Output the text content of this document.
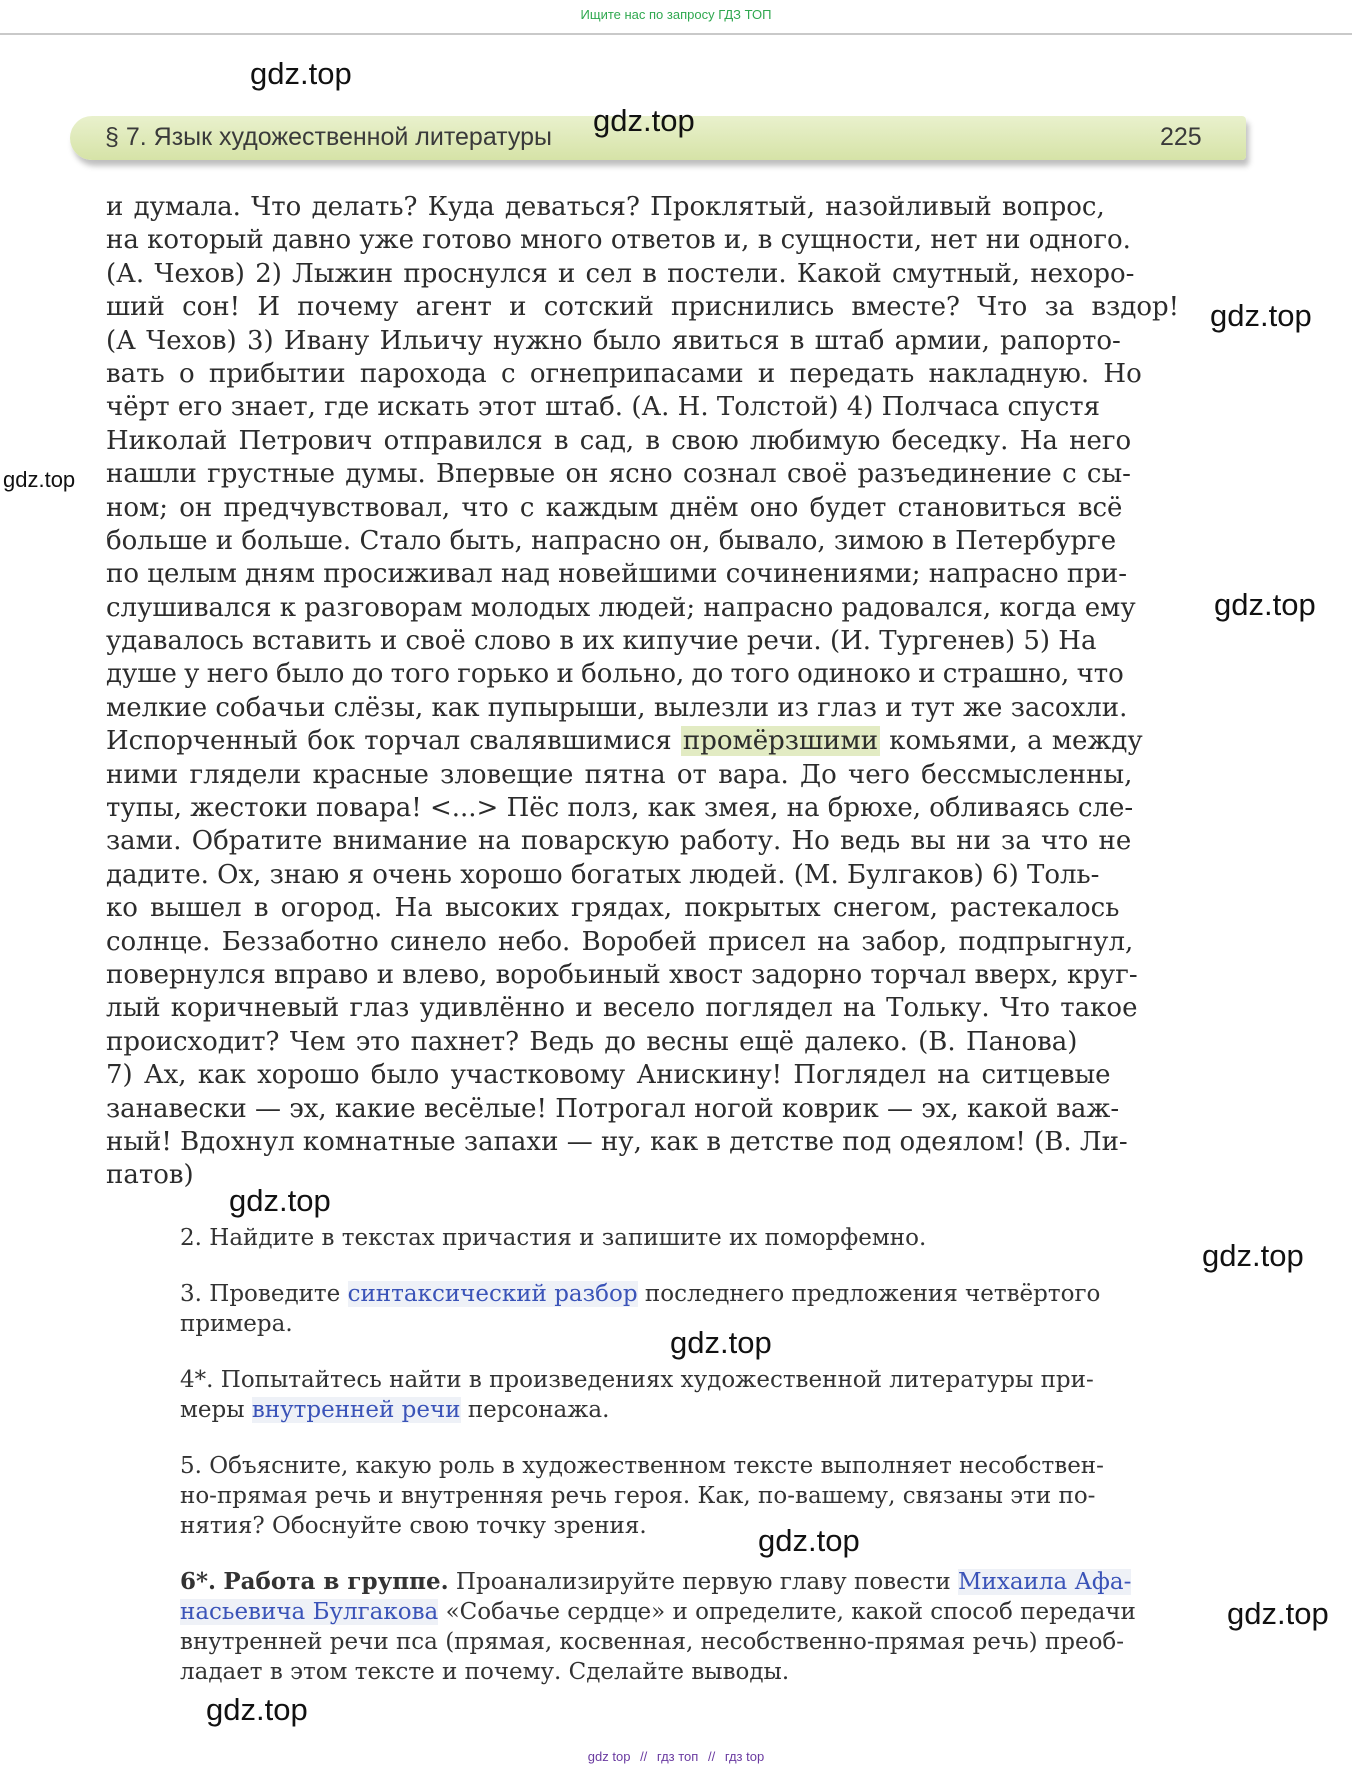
Ищите нас по запросу ГДЗ ТОП
§ 7. Язык художественной литературы	225
и думала. Что делать? Куда деваться? Проклятый, назойливый вопрос,
на который давно уже готово много ответов и, в сущности, нет ни одного.
(А. Чехов) 2) Лыжин проснулся и сел в постели. Какой смутный, нехоро-
ший сон! И почему агент и сотский приснились вместе? Что за вздор!
(А Чехов) 3) Ивану Ильичу нужно было явиться в штаб армии, рапорто-
вать о прибытии парохода с огнеприпасами и передать накладную. Но
чёрт его знает, где искать этот штаб. (А. Н. Толстой) 4) Полчаса спустя
Николай Петрович отправился в сад, в свою любимую беседку. На него
нашли грустные думы. Впервые он ясно сознал своё разъединение с сы-
ном; он предчувствовал, что с каждым днём оно будет становиться всё
больше и больше. Стало быть, напрасно он, бывало, зимою в Петербурге
по целым дням просиживал над новейшими сочинениями; напрасно при-
слушивался к разговорам молодых людей; напрасно радовался, когда ему
удавалось вставить и своё слово в их кипучие речи. (И. Тургенев) 5) На
душе у него было до того горько и больно, до того одиноко и страшно, что
мелкие собачьи слёзы, как пупырыши, вылезли из глаз и тут же засохли.
Испорченный бок торчал свалявшимися промёрзшими комьями, а между
ними глядели красные зловещие пятна от вара. До чего бессмысленны,
тупы, жестоки повара! <...> Пёс полз, как змея, на брюхе, обливаясь сле-
зами. Обратите внимание на поварскую работу. Но ведь вы ни за что не
дадите. Ох, знаю я очень хорошо богатых людей. (М. Булгаков) 6) Толь-
ко вышел в огород. На высоких грядах, покрытых снегом, растекалось
солнце. Беззаботно синело небо. Воробей присел на забор, подпрыгнул,
повернулся вправо и влево, воробьиный хвост задорно торчал вверх, круг-
лый коричневый глаз удивлённо и весело поглядел на Тольку. Что такое
происходит? Чем это пахнет? Ведь до весны ещё далеко. (В. Панова)
7) Ах, как хорошо было участковому Анискину! Поглядел на ситцевые
занавески — эх, какие весёлые! Потрогал ногой коврик — эх, какой важ-
ный! Вдохнул комнатные запахи — ну, как в детстве под одеялом! (В. Ли-
патов)
2. Найдите в текстах причастия и запишите их поморфемно.
3. Проведите синтаксический разбор последнего предложения четвёртого
примера.
4*. Попытайтесь найти в произведениях художественной литературы при-
меры внутренней речи персонажа.
5. Объясните, какую роль в художественном тексте выполняет несобствен-
но-прямая речь и внутренняя речь героя. Как, по-вашему, связаны эти по-
нятия? Обоснуйте свою точку зрения.
6*. Работа в группе. Проанализируйте первую главу повести Михаила Афа-
насьевича Булгакова «Собачье сердце» и определите, какой способ передачи
внутренней речи пса (прямая, косвенная, несобственно-прямая речь) преоб-
ладает в этом тексте и почему. Сделайте выводы.
gdz.top
gdz.top
gdz.top
gdz.top
gdz.top
gdz.top
gdz.top
gdz.top
gdz.top
gdz.top
gdz.top
gdz top // гдз топ // гдз top
